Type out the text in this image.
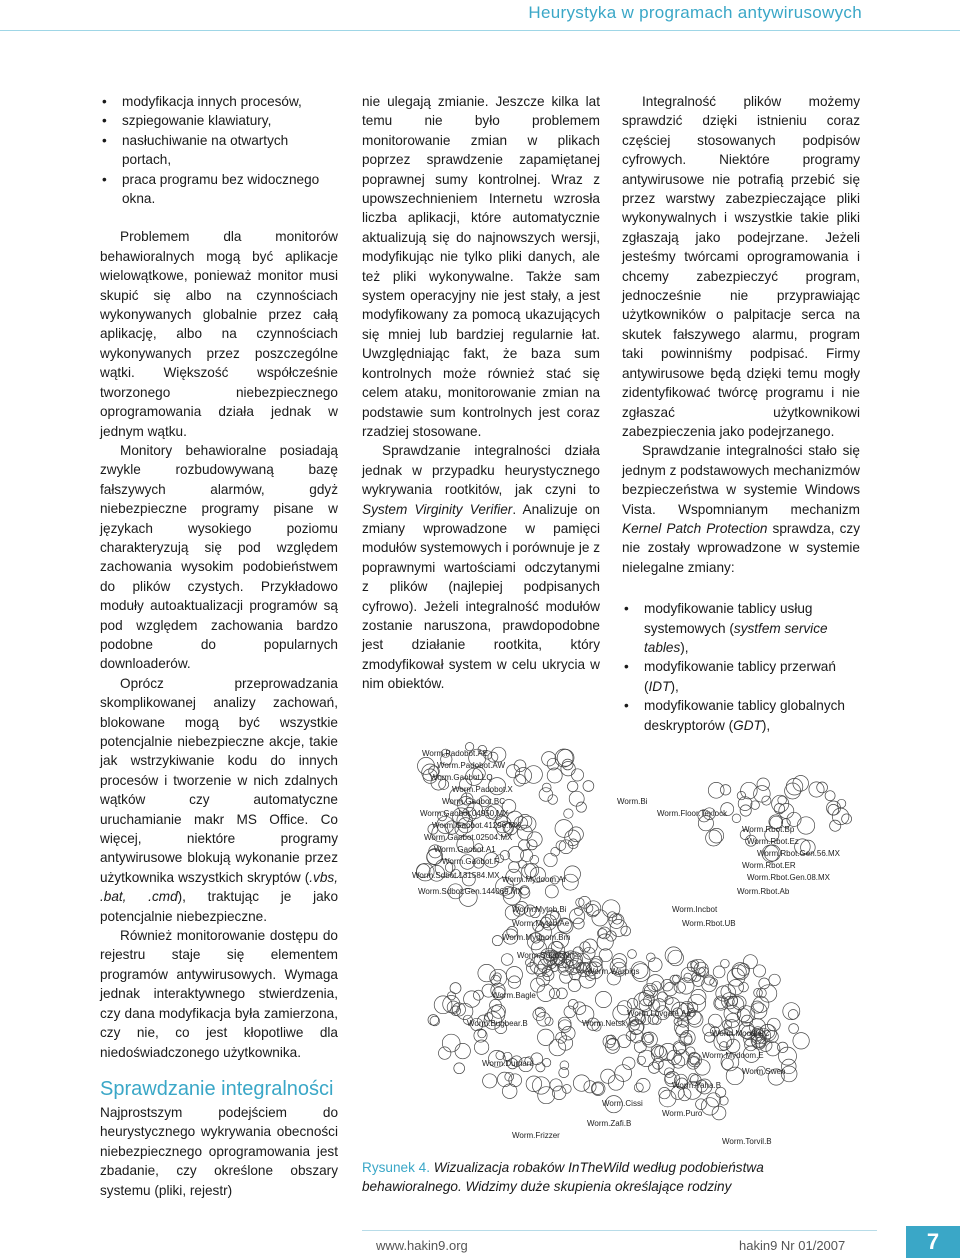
Heurystyka w programach antywirusowych
• modyfikacja innych procesów,
• szpiegowanie klawiatury,
• nasłuchiwanie na otwartych portach,
• praca programu bez widocznego okna.

Problemem dla monitorów behawioralnych mogą być aplikacje wielowątkowe, ponieważ monitor musi skupić się albo na czynnościach wykonywanych globalnie przez całą aplikację, albo na czynnościach wykonywanych przez poszczególne wątki. Większość współcześnie tworzonego niebezpiecznego oprogramowania działa jednak w jednym wątku.

Monitory behawioralne posiadają zwykle rozbudowywaną bazę fałszywych alarmów, gdyż niebezpieczne programy pisane w językach wysokiego poziomu charakteryzują się pod względem zachowania wysokim podobieństwem do plików czystych. Przykładowo moduły autoaktualizacji programów są pod względem zachowania bardzo podobne do popularnych downloaderów.

Oprócz przeprowadzania skomplikowanej analizy zachowań, blokowane mogą być wszystkie potencjalnie niebezpieczne akcje, takie jak wstrzykiwanie kodu do innych procesów i tworzenie w nich zdalnych wątków czy automatyczne uruchamianie makr MS Office. Co więcej, niektóre programy antywirusowe blokują wykonanie przez użytkownika wszystkich skryptów (.vbs, .bat, .cmd), traktując je jako potencjalnie niebezpieczne.

Również monitorowanie dostępu do rejestru staje się elementem programów antywirusowych. Wymaga jednak interaktywnego stwierdzenia, czy dana modyfikacja była zamierzona, czy nie, co jest kłopotliwe dla niedoświadczonego użytkownika.

Sprawdzanie integralności

Najprostszym podejściem do heurystycznego wykrywania obecności niebezpiecznego oprogramowania jest zbadanie, czy określone obszary systemu (pliki, rejestr)

nie ulegają zmianie. Jeszcze kilka lat temu nie było problemem monitorowanie zmian w plikach poprzez sprawdzenie zapamiętanej poprawnej sumy kontrolnej. Wraz z upowszechnieniem Internetu wzrosła liczba aplikacji, które automatycznie aktualizują się do najnowszych wersji, modyfikując nie tylko pliki danych, ale też pliki wykonywalne. Także sam system operacyjny nie jest stały, a jest modyfikowany za pomocą ukazujących się mniej lub bardziej regularnie łat. Uwzględniając fakt, że baza sum kontrolnych może również stać się celem ataku, monitorowanie zmian na podstawie sum kontrolnych jest coraz rzadziej stosowane.

Sprawdzanie integralności działa jednak w przypadku heurystycznego wykrywania rootkitów, jak czyni to System Virginity Verifier. Analizuje on zmiany wprowadzone w pamięci modułów systemowych i porównuje je z poprawnymi wartościami odczytanymi z plików (najlepiej podpisanych cyfrowo). Jeżeli integralność modułów zostanie naruszona, prawdopodobne jest działanie rootkita, który zmodyfikował system w celu ukrycia w nim obiektów.

Integralność plików możemy sprawdzić dzięki istnieniu coraz częściej stosowanych podpisów cyfrowych. Niektóre programy antywirusowe nie potrafią przebić się przez warstwy zabezpieczające pliki wykonywalnych i wszystkie takie pliki zgłaszają jako podejrzane. Jeżeli jesteśmy twórcami oprogramowania i chcemy zabezpieczyć program, jednocześnie nie przyprawiając użytkowników o palpitacje serca na skutek fałszywego alarmu, program taki powinniśmy podpisać. Firmy antywirusowe będą dzięki temu mogły zidentyfikować twórcę programu i nie zgłaszać użytkownikowi zabezpieczenia jako podejrzanego.

Sprawdzanie integralności stało się jednym z podstawowych mechanizmów bezpieczeństwa w systemie Windows Vista. Wspomnianym mechanizm Kernel Patch Protection sprawdza, czy nie zostały wprowadzone w systemie nielegalne zmiany:

• modyfikowanie tablicy usług systemowych (systfem service tables),
• modyfikowanie tablicy przerwań (IDT),
• modyfikowanie tablicy globalnych deskryptorów (GDT),
Worm.Padobot.AE
Worm.Padobot.AW
Worm.Gaobot.LQ
Worm.Padobot.X
Worm.Gaobot.BC
Worm.Gaobot.04950.MX
Worm.Gaobot.41296.MX
Worm.Gaobot.02504.MX
Worm.Gaobot.A1
Worm.Gaobot.F
Worm.Sdbot.131584.MX
Worm.Sdbot.Gen.144069.MX
Worm.Mydoom.Ar
Worm.Mytob.Bi
Worm.Mytob.Ae
Worm.Mydoom.Bm
Worm.Bi
Worm.Floor.Texlock
Worm.Rbot.Bp
Worm.Rbot.Ez
Worm.Rbot.Gen.56.MX
Worm.Rbot.ER
Worm.Rbot.Gen.08.MX
Worm.Rbot.Ab
Worm.Incbot
Worm.Rbot.UB
Worm.Sdbot.Nn
Worm.Warpigs
Worm.Bagle
Worm.Netsky
Worm.Lovgate.Aa
Worm.Moodle.C
Worm.Swen
Worm.Mydoom.E
Worm.Yaha.B
Worm.Dumaru
Worm.Bugbear.B
Worm.Cissi
Worm.Zafi.B
Worm.Torvil.B
Worm.Frizzer
Worm.Puro
Rysunek 4. Wizualizacja robaków InTheWild według podobieństwa behawioralnego. Widzimy duże skupienia określające rodziny
www.hakin9.org	hakin9 Nr 01/2007	7
